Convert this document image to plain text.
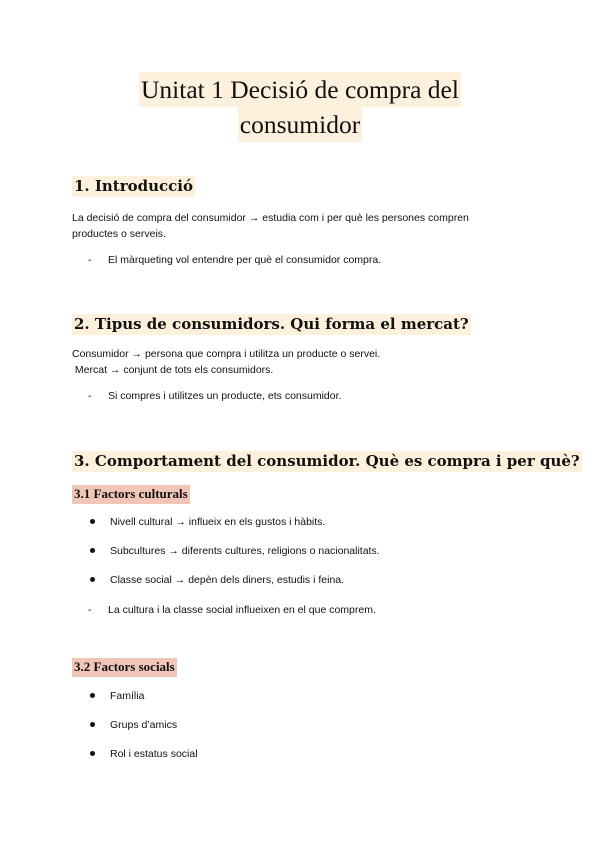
Unitat 1 Decisió de compra del
consumidor
1. Introducció
La decisió de compra del consumidor → estudia com i per què les persones compren
productes o serveis.
- El màrqueting vol entendre per què el consumidor compra.
2. Tipus de consumidors. Qui forma el mercat?
Consumidor → persona que compra i utilitza un producte o servei.
Mercat → conjunt de tots els consumidors.
- Si compres i utilitzes un producte, ets consumidor.
3. Comportament del consumidor. Què es compra i per què?
3.1 Factors culturals
Nivell cultural → influeix en els gustos i hàbits.
Subcultures → diferents cultures, religions o nacionalitats.
Classe social → depèn dels diners, estudis i feina.
- La cultura i la classe social influeixen en el que comprem.
3.2 Factors socials
Família
Grups d’amics
Rol i estatus social
